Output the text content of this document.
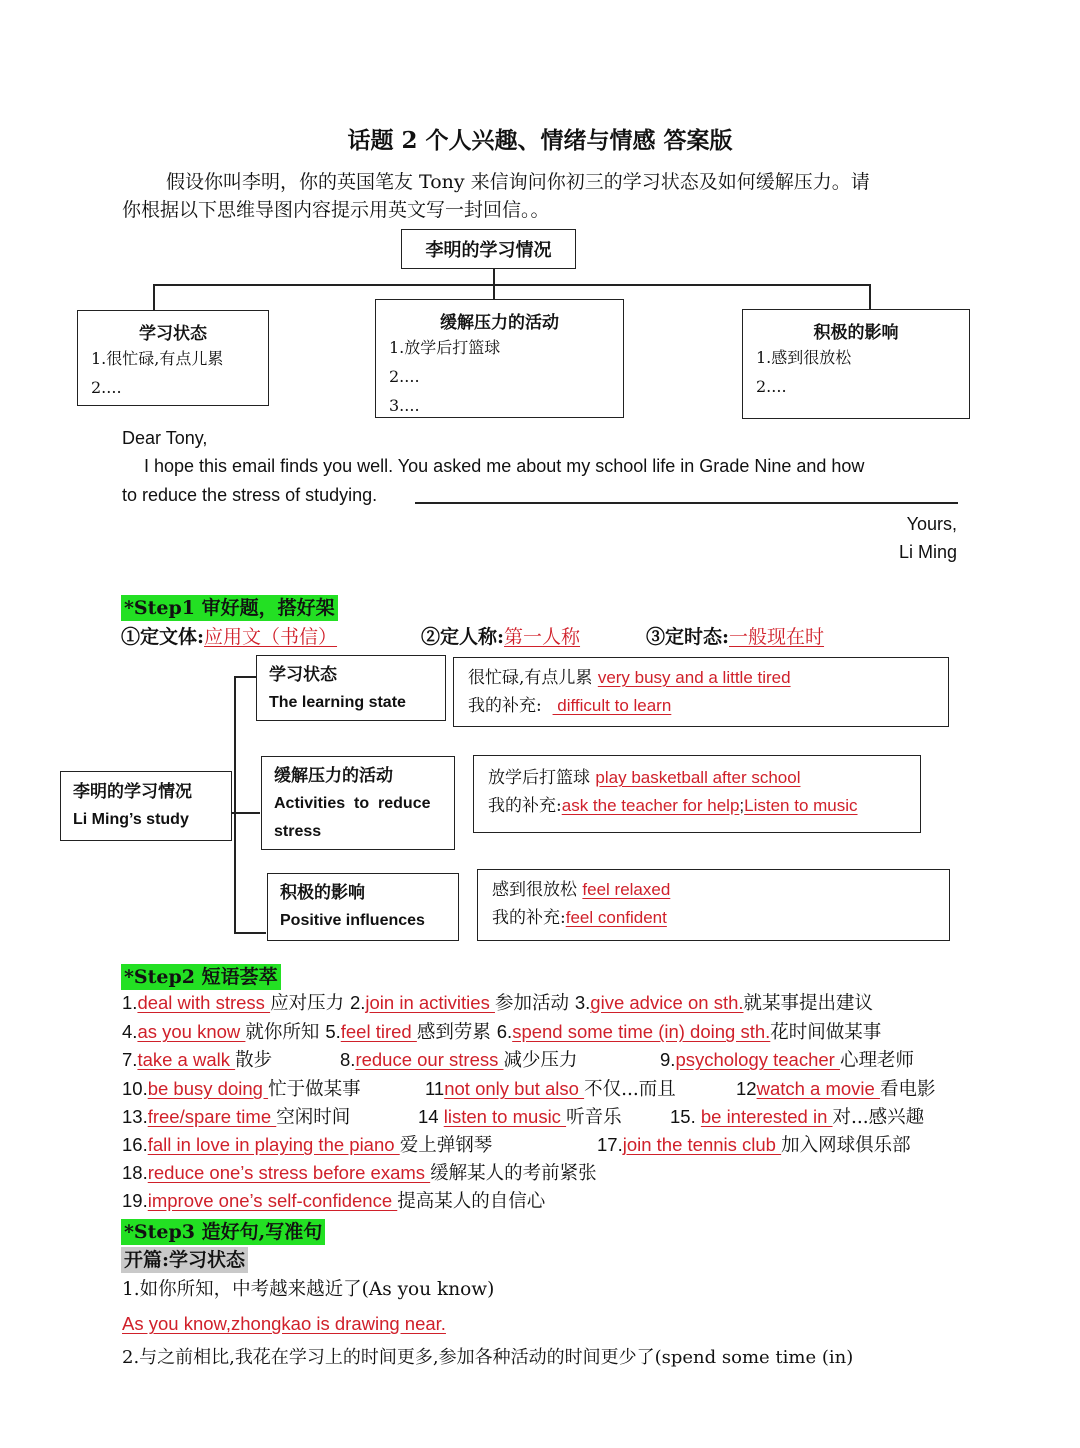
话题 2 个人兴趣、情绪与情感 答案版
假设你叫李明，你的英国笔友 Tony 来信询问你初三的学习状态及如何缓解压力。请
你根据以下思维导图内容提示用英文写一封回信。。
李明的学习情况
学习状态
1.很忙碌,有点儿累
2....
缓解压力的活动
1.放学后打篮球
2....
3....
积极的影响
1.感到很放松
2....
Dear Tony,
I hope this email finds you well. You asked me about my school life in Grade Nine and how
to reduce the stress of studying.
Yours,
Li Ming
*Step1 审好题，搭好架
①定文体:应用文（书信）	②定人称:第一人称	③定时态:一般现在时
李明的学习情况
Li Ming’s study
学习状态
The learning state
很忙碌,有点儿累 very busy and a little tired
我的补充:   difficult to learn
缓解压力的活动
Activities  to  reduce
stress
放学后打篮球 play basketball after school
我的补充:ask the teacher for help;Listen to music
积极的影响
Positive influences
感到很放松 feel relaxed
我的补充:feel confident
*Step2 短语荟萃
1.deal with stress 应对压力 2.join in activities 参加活动 3.give advice on sth.就某事提出建议
4.as you know 就你所知 5.feel tired 感到劳累 6.spend some time (in) doing sth.花时间做某事
7.take a walk 散步	8.reduce our stress 减少压力	9.psychology teacher 心理老师
10.be busy doing 忙于做某事	11not only but also 不仅...而且	12watch a movie 看电影
13.free/spare time 空闲时间	14 listen to music 听音乐	15. be interested in 对...感兴趣
16.fall in love in playing the piano 爱上弹钢琴	17.join the tennis club 加入网球俱乐部
18.reduce one’s stress before exams 缓解某人的考前紧张
19.improve one’s self-confidence 提高某人的自信心
*Step3 造好句,写准句
开篇:学习状态
1.如你所知，中考越来越近了(As you know)
As you know,zhongkao is drawing near.
2.与之前相比,我花在学习上的时间更多,参加各种活动的时间更少了(spend some time (in)
